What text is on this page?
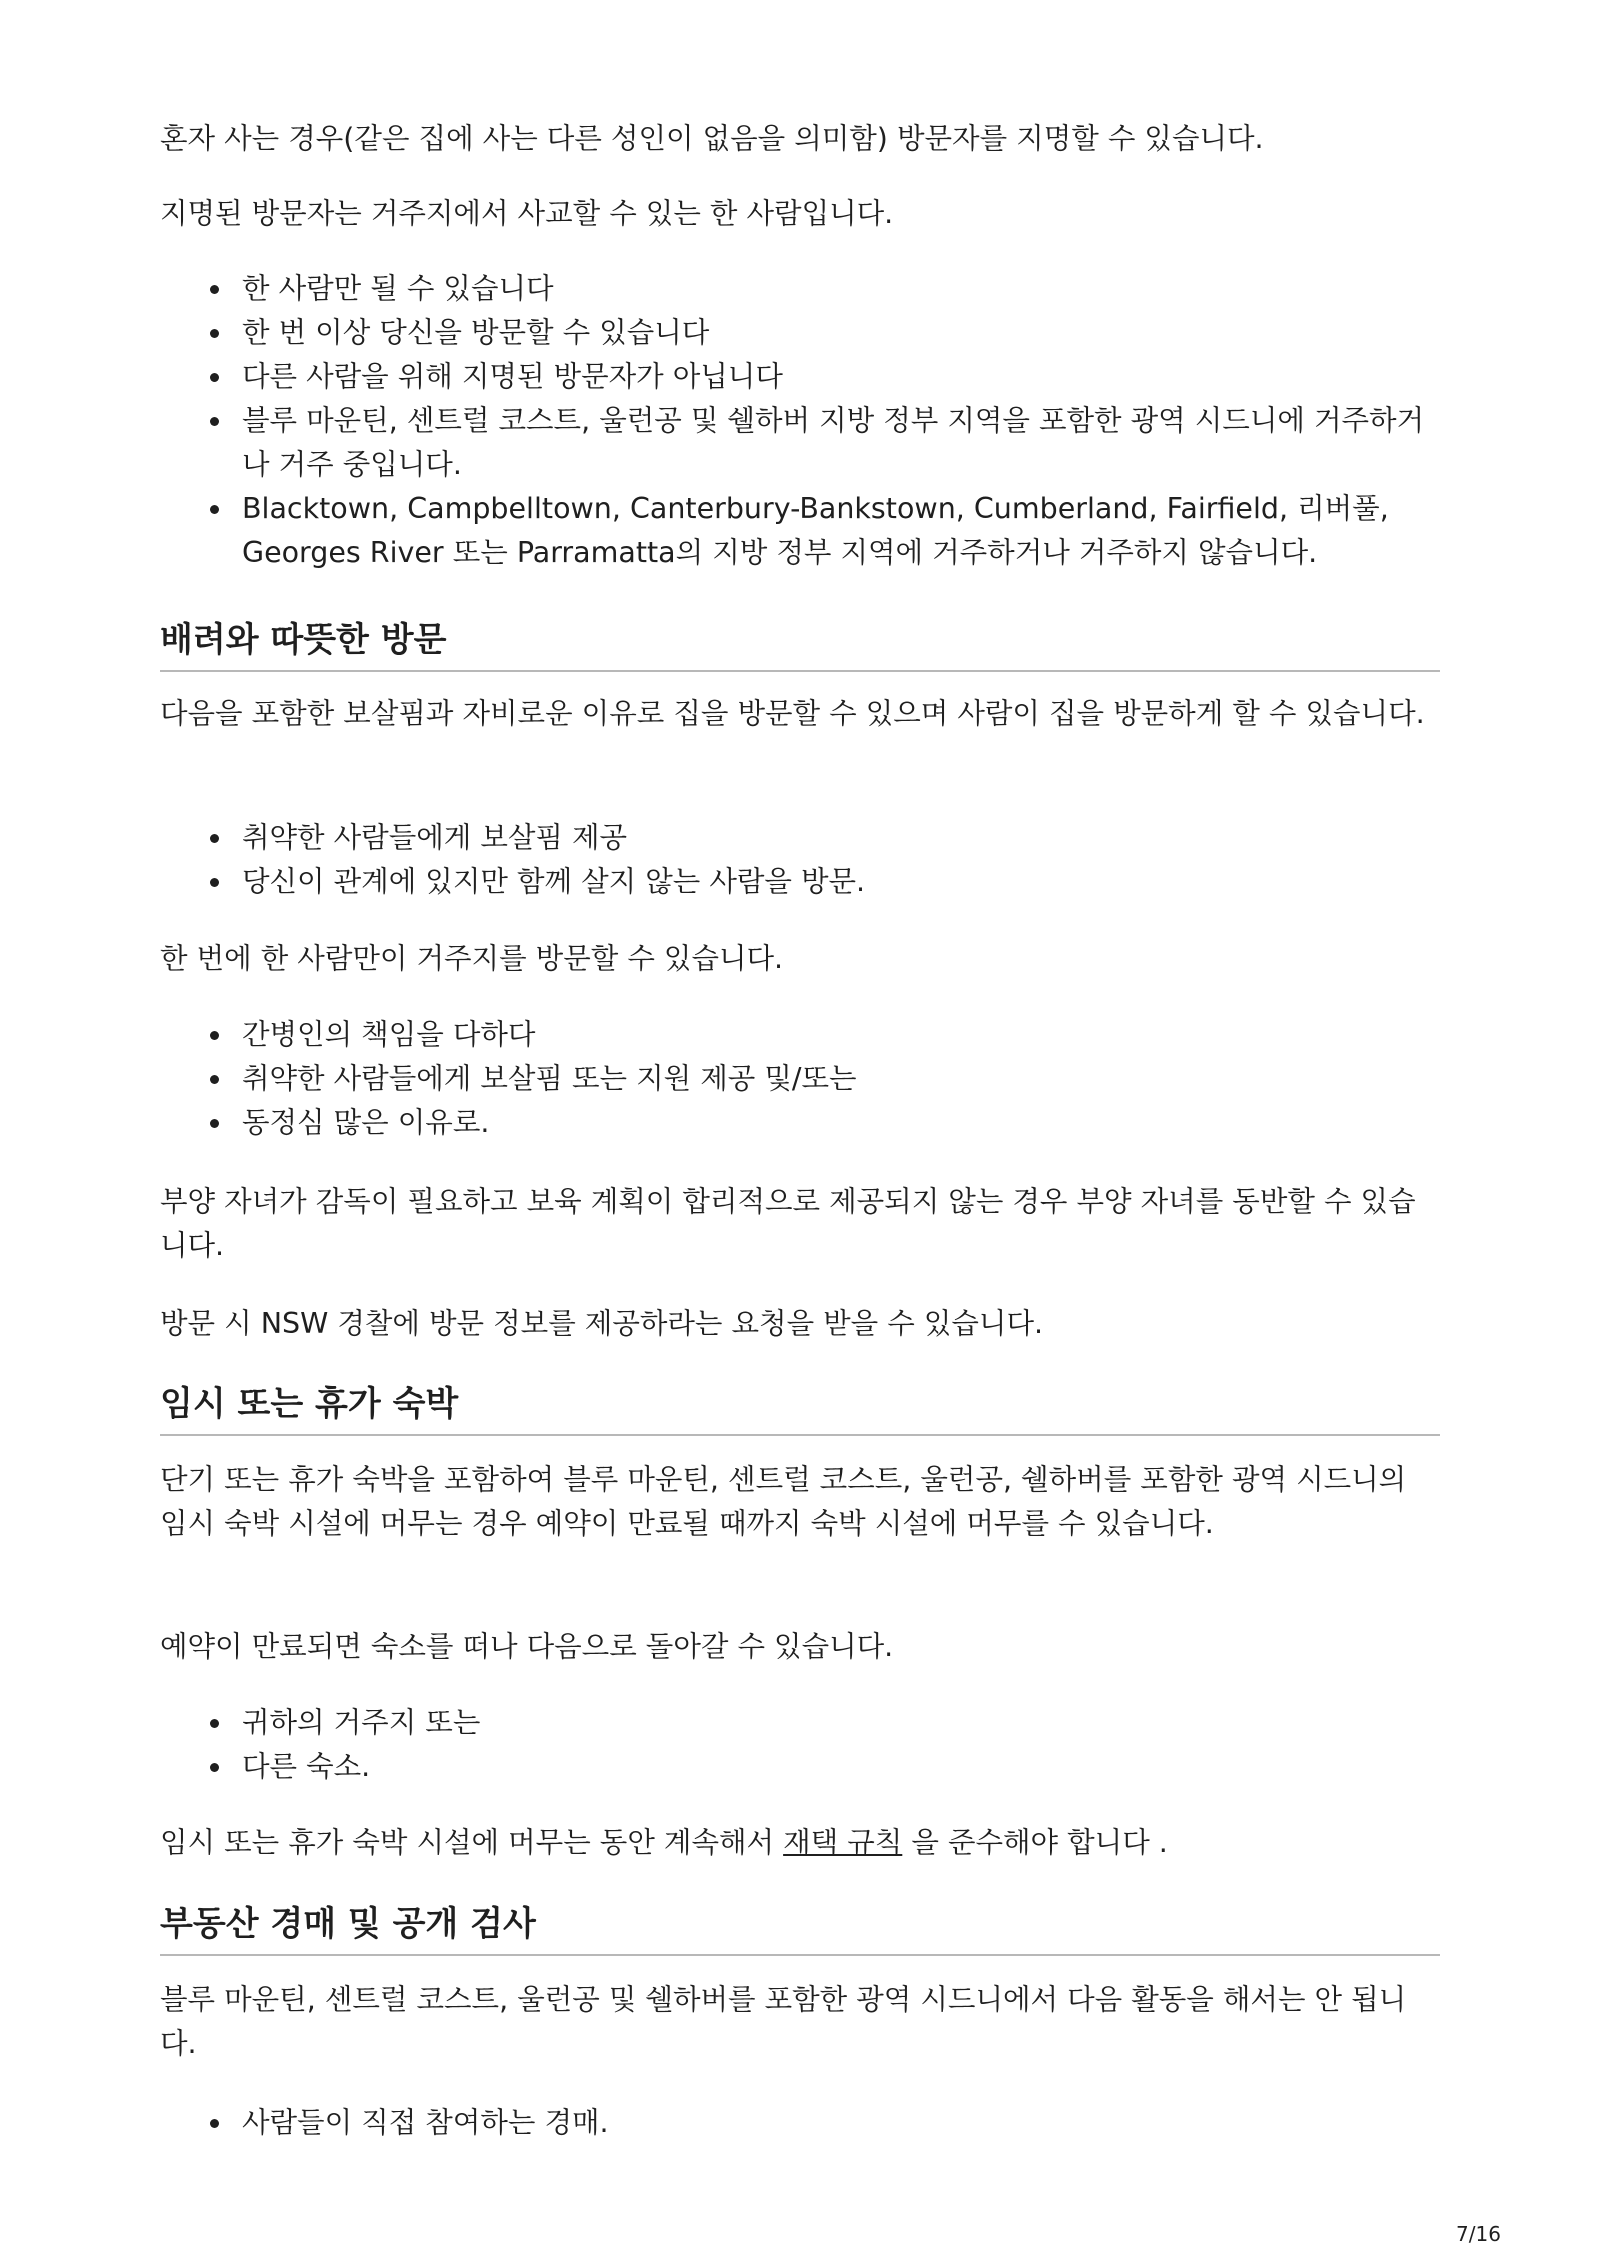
혼자 사는 경우(같은 집에 사는 다른 성인이 없음을 의미함) 방문자를 지명할 수 있습니다.

지명된 방문자는 거주지에서 사교할 수 있는 한 사람입니다.

한 사람만 될 수 있습니다
한 번 이상 당신을 방문할 수 있습니다
다른 사람을 위해 지명된 방문자가 아닙니다
블루 마운틴, 센트럴 코스트, 울런공 및 쉘하버 지방 정부 지역을 포함한 광역 시드니에 거주하거나 거주 중입니다.
Blacktown, Campbelltown, Canterbury-Bankstown, Cumberland, Fairfield, 리버풀, Georges River 또는 Parramatta의 지방 정부 지역에 거주하거나 거주하지 않습니다.
배려와 따뜻한 방문

다음을 포함한 보살핌과 자비로운 이유로 집을 방문할 수 있으며 사람이 집을 방문하게 할 수 있습니다.

취약한 사람들에게 보살핌 제공
당신이 관계에 있지만 함께 살지 않는 사람을 방문.

한 번에 한 사람만이 거주지를 방문할 수 있습니다.

간병인의 책임을 다하다
취약한 사람들에게 보살핌 또는 지원 제공 및/또는
동정심 많은 이유로.

부양 자녀가 감독이 필요하고 보육 계획이 합리적으로 제공되지 않는 경우 부양 자녀를 동반할 수 있습니다.

방문 시 NSW 경찰에 방문 정보를 제공하라는 요청을 받을 수 있습니다.

임시 또는 휴가 숙박

단기 또는 휴가 숙박을 포함하여 블루 마운틴, 센트럴 코스트, 울런공, 쉘하버를 포함한 광역 시드니의 임시 숙박 시설에 머무는 경우 예약이 만료될 때까지 숙박 시설에 머무를 수 있습니다.

예약이 만료되면 숙소를 떠나 다음으로 돌아갈 수 있습니다.

귀하의 거주지 또는
다른 숙소.

임시 또는 휴가 숙박 시설에 머무는 동안 계속해서 재택 규칙 을 준수해야 합니다 .

부동산 경매 및 공개 검사

블루 마운틴, 센트럴 코스트, 울런공 및 쉘하버를 포함한 광역 시드니에서 다음 활동을 해서는 안 됩니다.

사람들이 직접 참여하는 경매.
7/16
